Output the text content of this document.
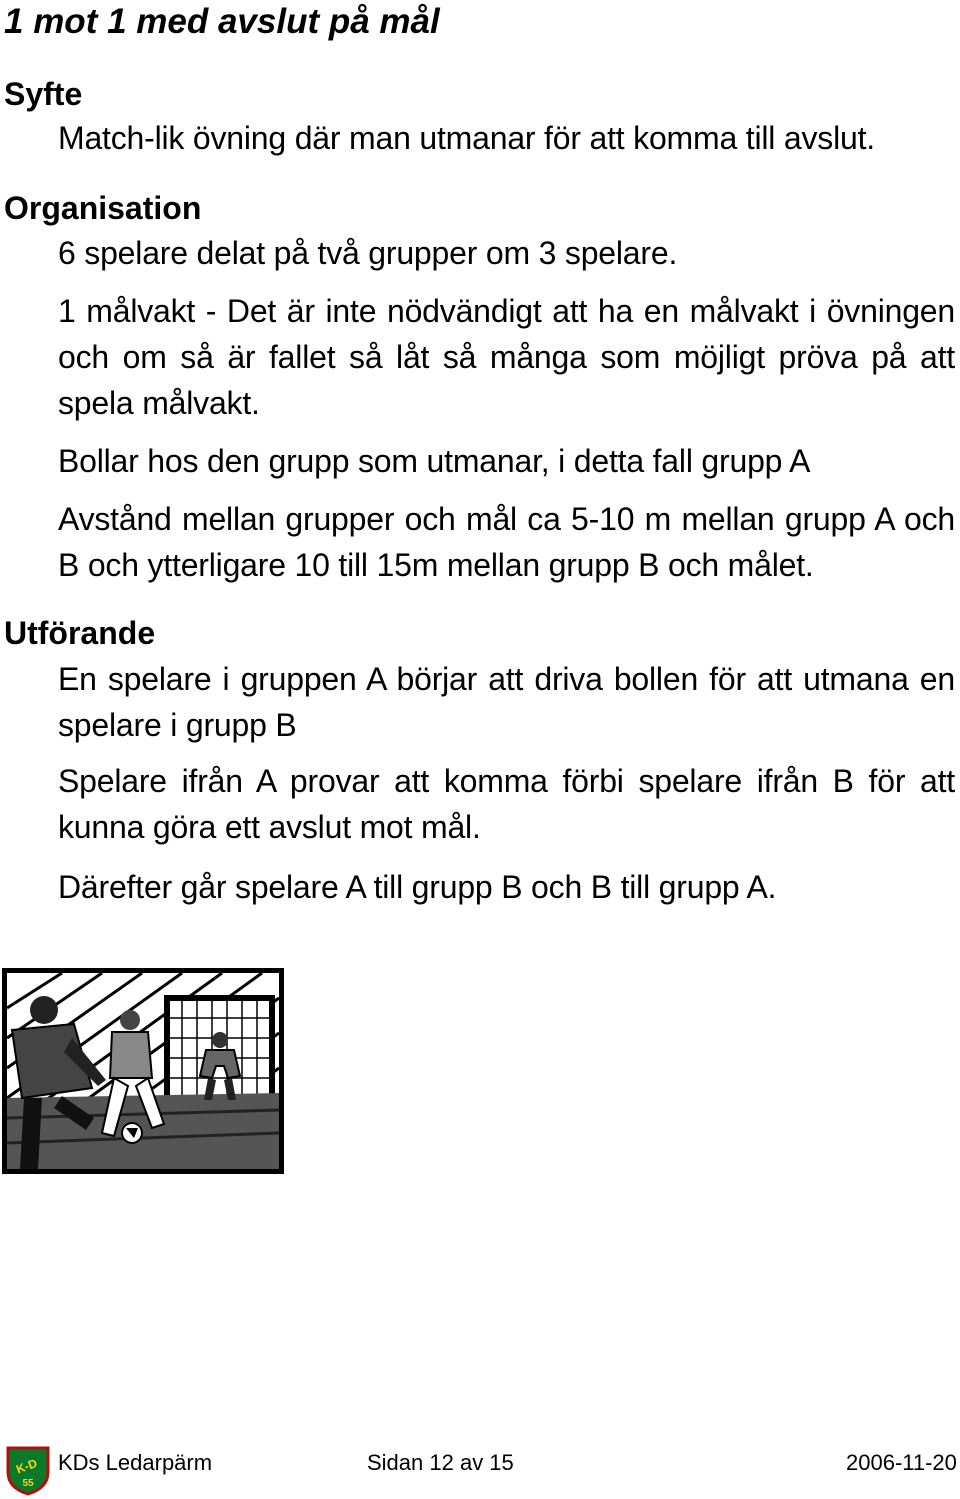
1 mot 1 med avslut på mål
Syfte
Match-lik övning där man utmanar för att komma till avslut.
Organisation
6 spelare delat på två grupper om 3 spelare.
1 målvakt - Det är inte nödvändigt att ha en målvakt i övningen och om så är fallet så låt så många som möjligt pröva på att spela målvakt.
Bollar hos den grupp som utmanar, i detta fall grupp A
Avstånd mellan grupper och mål ca 5-10 m mellan grupp A och B och ytterligare 10 till 15m mellan grupp B och målet.
Utförande
En spelare i gruppen A börjar att driva bollen för att utmana en spelare i grupp B
Spelare ifrån A provar att komma förbi spelare ifrån B för att kunna göra ett avslut mot mål.
Därefter går spelare A till grupp B och B till grupp A.
K-D
55
KDs Ledarpärm	Sidan 12 av 15	2006-11-20
